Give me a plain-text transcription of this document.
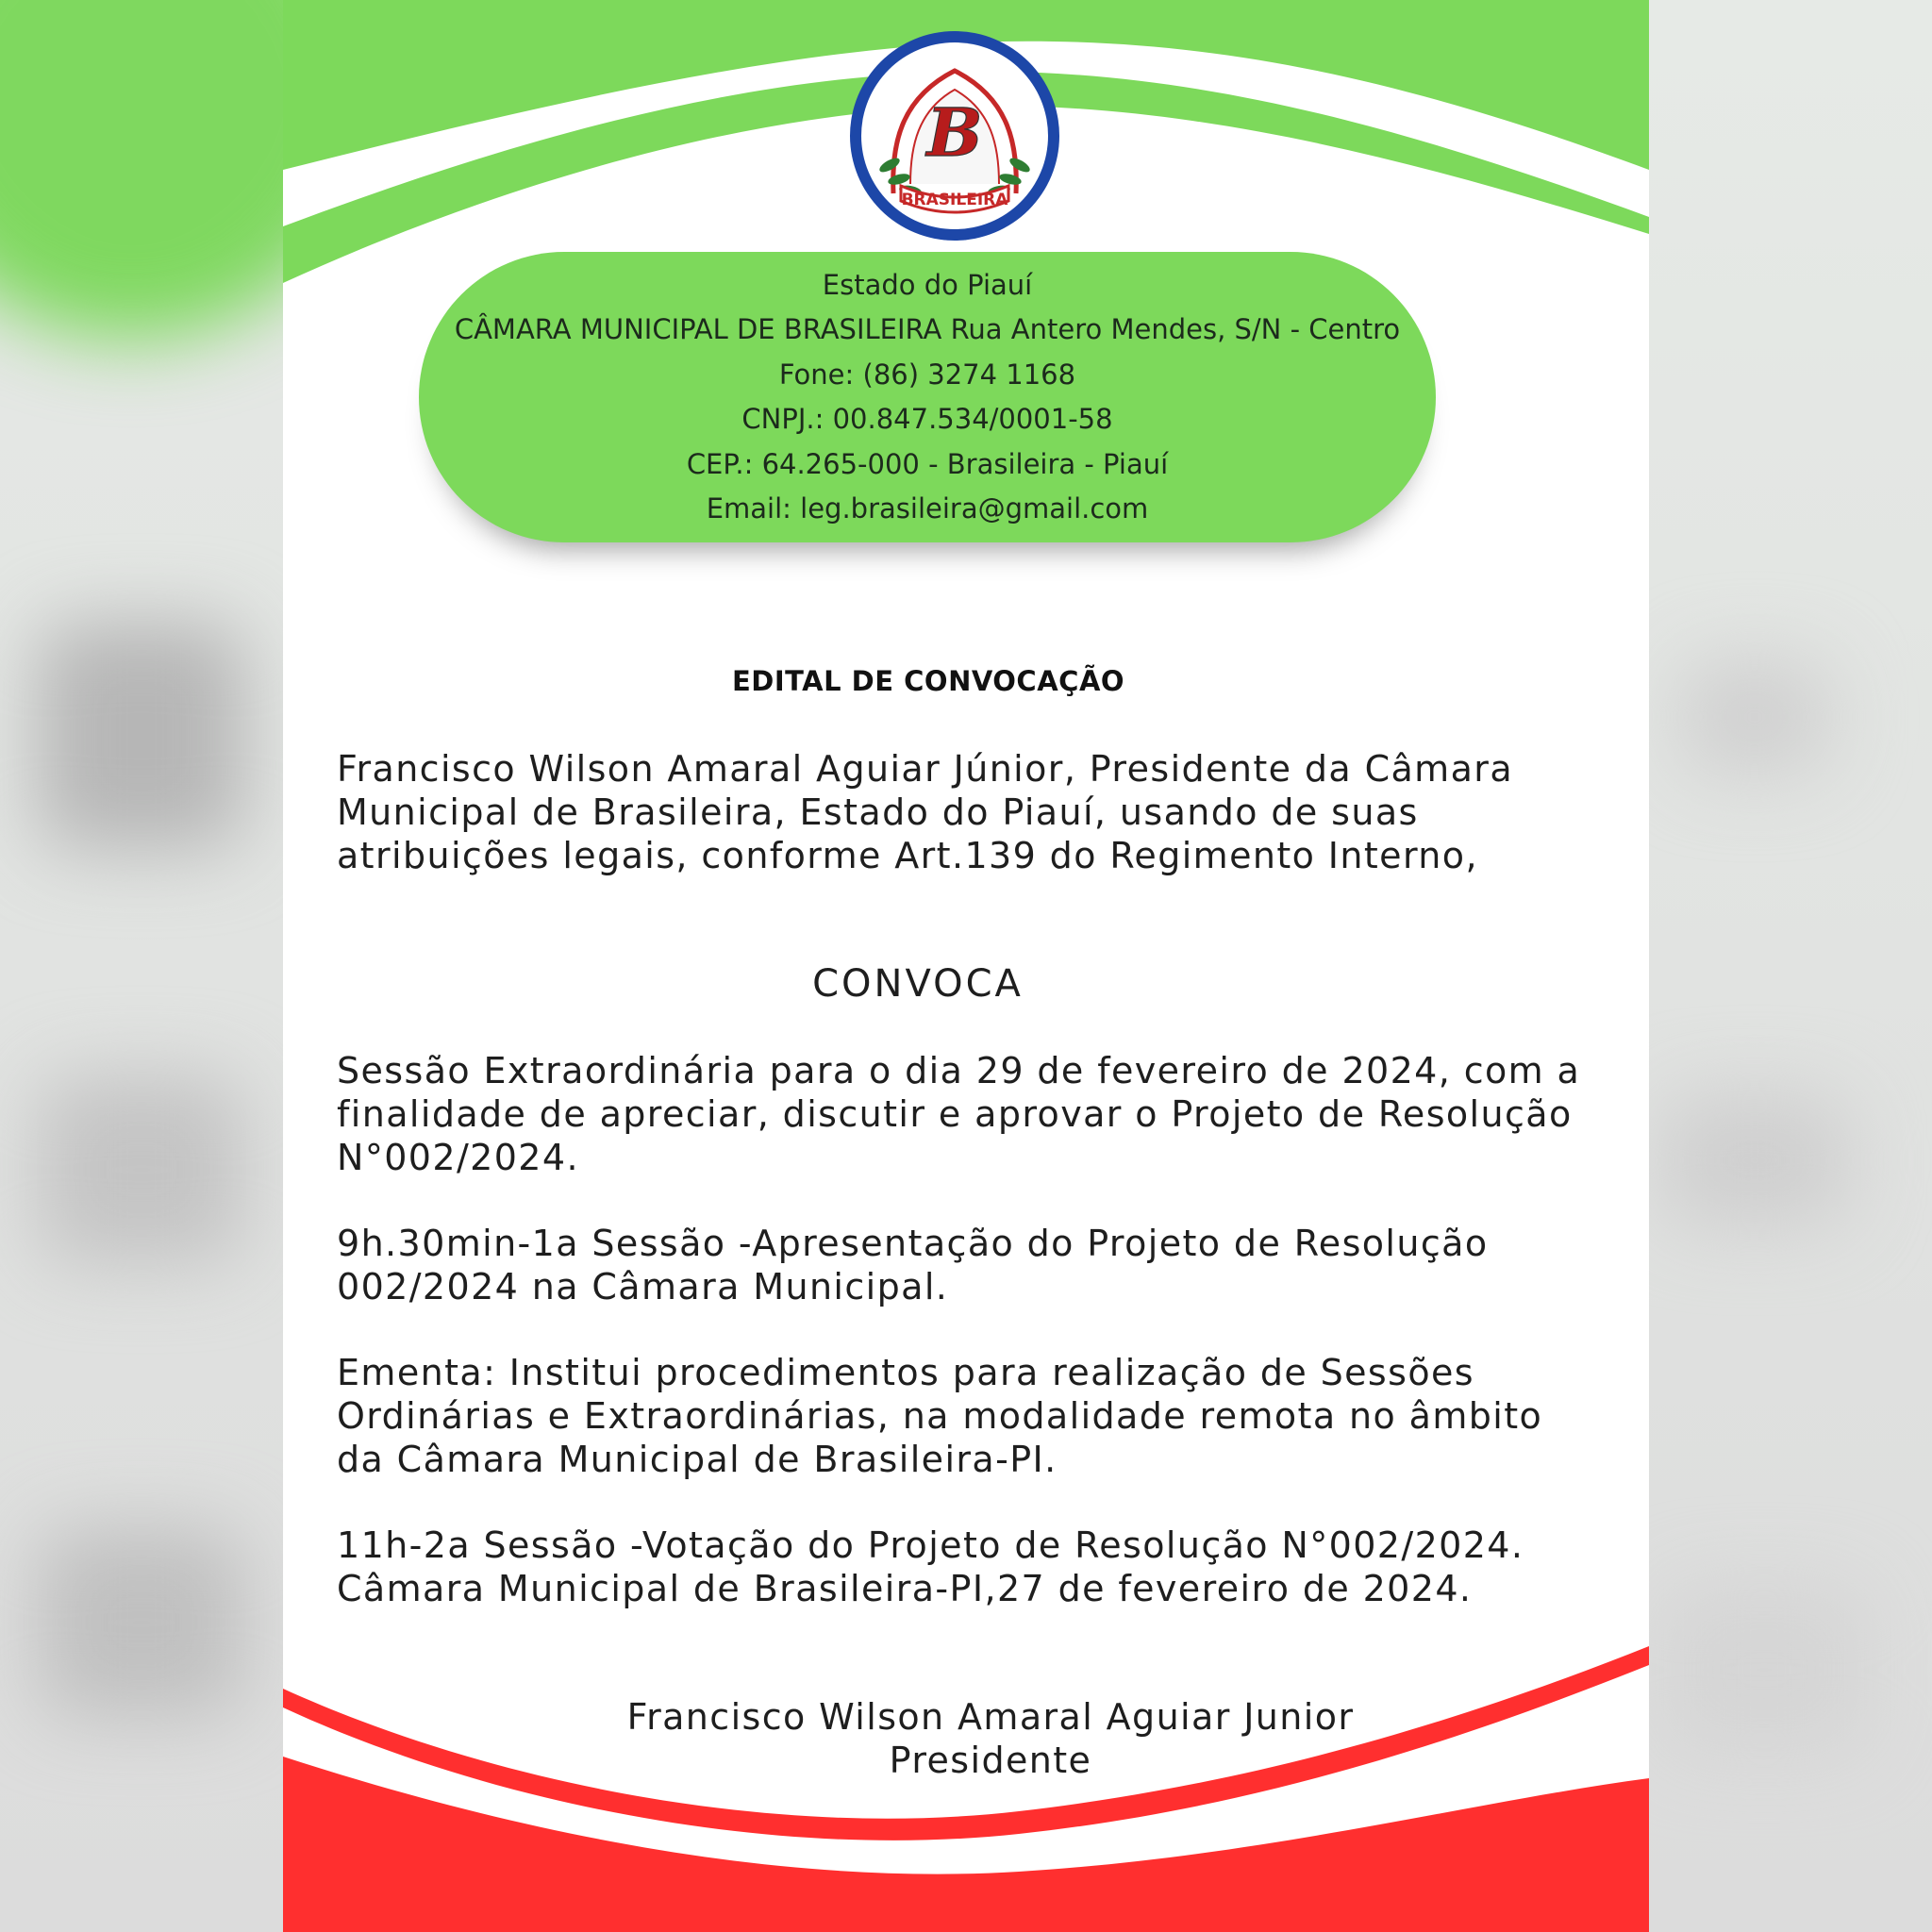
B
BRASILEIRA
Estado do Piauí
CÂMARA MUNICIPAL DE BRASILEIRA Rua Antero Mendes, S/N - Centro
Fone: (86) 3274 1168
CNPJ.: 00.847.534/0001-58
CEP.: 64.265-000 - Brasileira - Piauí
Email: leg.brasileira@gmail.com
EDITAL DE CONVOCAÇÃO

Francisco Wilson Amaral Aguiar Júnior, Presidente da Câmara Municipal de Brasileira, Estado do Piauí, usando de suas atribuições legais, conforme Art.139 do Regimento Interno,

CONVOCA

Sessão Extraordinária para o dia 29 de fevereiro de 2024, com a finalidade de apreciar, discutir e aprovar o Projeto de Resolução N°002/2024.

9h.30min-1a Sessão -Apresentação do Projeto de Resolução 002/2024 na Câmara Municipal.

Ementa: Institui procedimentos para realização de Sessões Ordinárias e Extraordinárias, na modalidade remota no âmbito da Câmara Municipal de Brasileira-PI.

11h-2a Sessão -Votação do Projeto de Resolução N°002/2024. Câmara Municipal de Brasileira-PI,27 de fevereiro de 2024.

Francisco Wilson Amaral Aguiar Junior
Presidente
